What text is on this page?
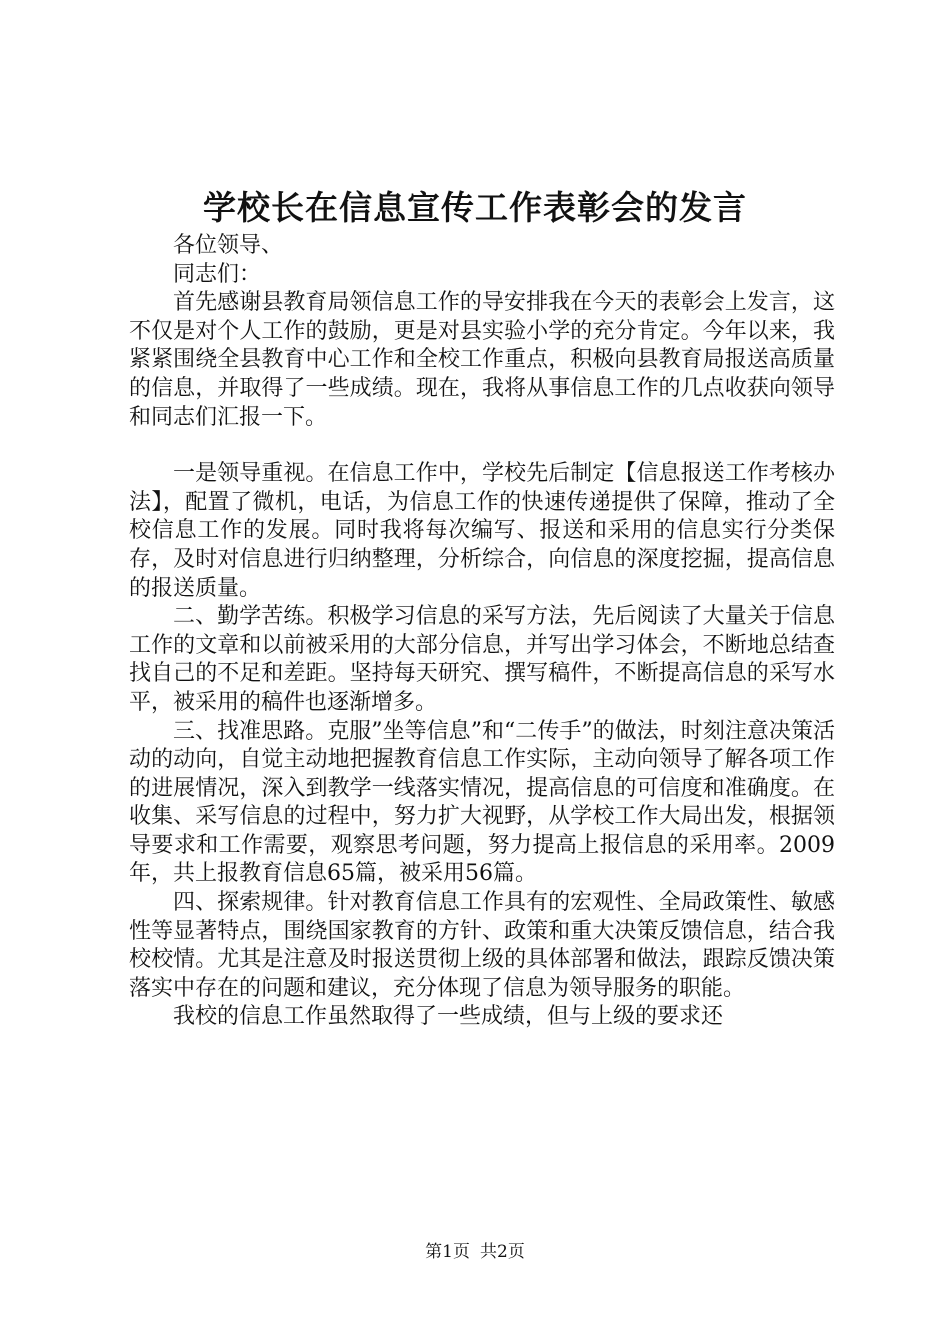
学校长在信息宣传工作表彰会的发言

各位领导、

同志们：

首先感谢县教育局领信息工作的导安排我在今天的表彰会上发言，这不仅是对个人工作的鼓励，更是对县实验小学的充分肯定。今年以来，我紧紧围绕全县教育中心工作和全校工作重点，积极向县教育局报送高质量的信息，并取得了一些成绩。现在，我将从事信息工作的几点收获向领导和同志们汇报一下。

一是领导重视。在信息工作中，学校先后制定【信息报送工作考核办法】，配置了微机，电话，为信息工作的快速传递提供了保障，推动了全校信息工作的发展。同时我将每次编写、报送和采用的信息实行分类保存，及时对信息进行归纳整理，分析综合，向信息的深度挖掘，提高信息的报送质量。

二、勤学苦练。积极学习信息的采写方法，先后阅读了大量关于信息工作的文章和以前被采用的大部分信息，并写出学习体会，不断地总结查找自己的不足和差距。坚持每天研究、撰写稿件，不断提高信息的采写水平，被采用的稿件也逐渐增多。

三、找准思路。克服”坐等信息”和“二传手”的做法，时刻注意决策活动的动向，自觉主动地把握教育信息工作实际，主动向领导了解各项工作的进展情况，深入到教学一线落实情况，提高信息的可信度和准确度。在收集、采写信息的过程中，努力扩大视野，从学校工作大局出发，根据领导要求和工作需要，观察思考问题，努力提高上报信息的采用率。2009年，共上报教育信息65篇，被采用56篇。

四、探索规律。针对教育信息工作具有的宏观性、全局政策性、敏感性等显著特点，围绕国家教育的方针、政策和重大决策反馈信息，结合我校校情。尤其是注意及时报送贯彻上级的具体部署和做法，跟踪反馈决策落实中存在的问题和建议，充分体现了信息为领导服务的职能。

我校的信息工作虽然取得了一些成绩，但与上级的要求还

第1页 共2页
